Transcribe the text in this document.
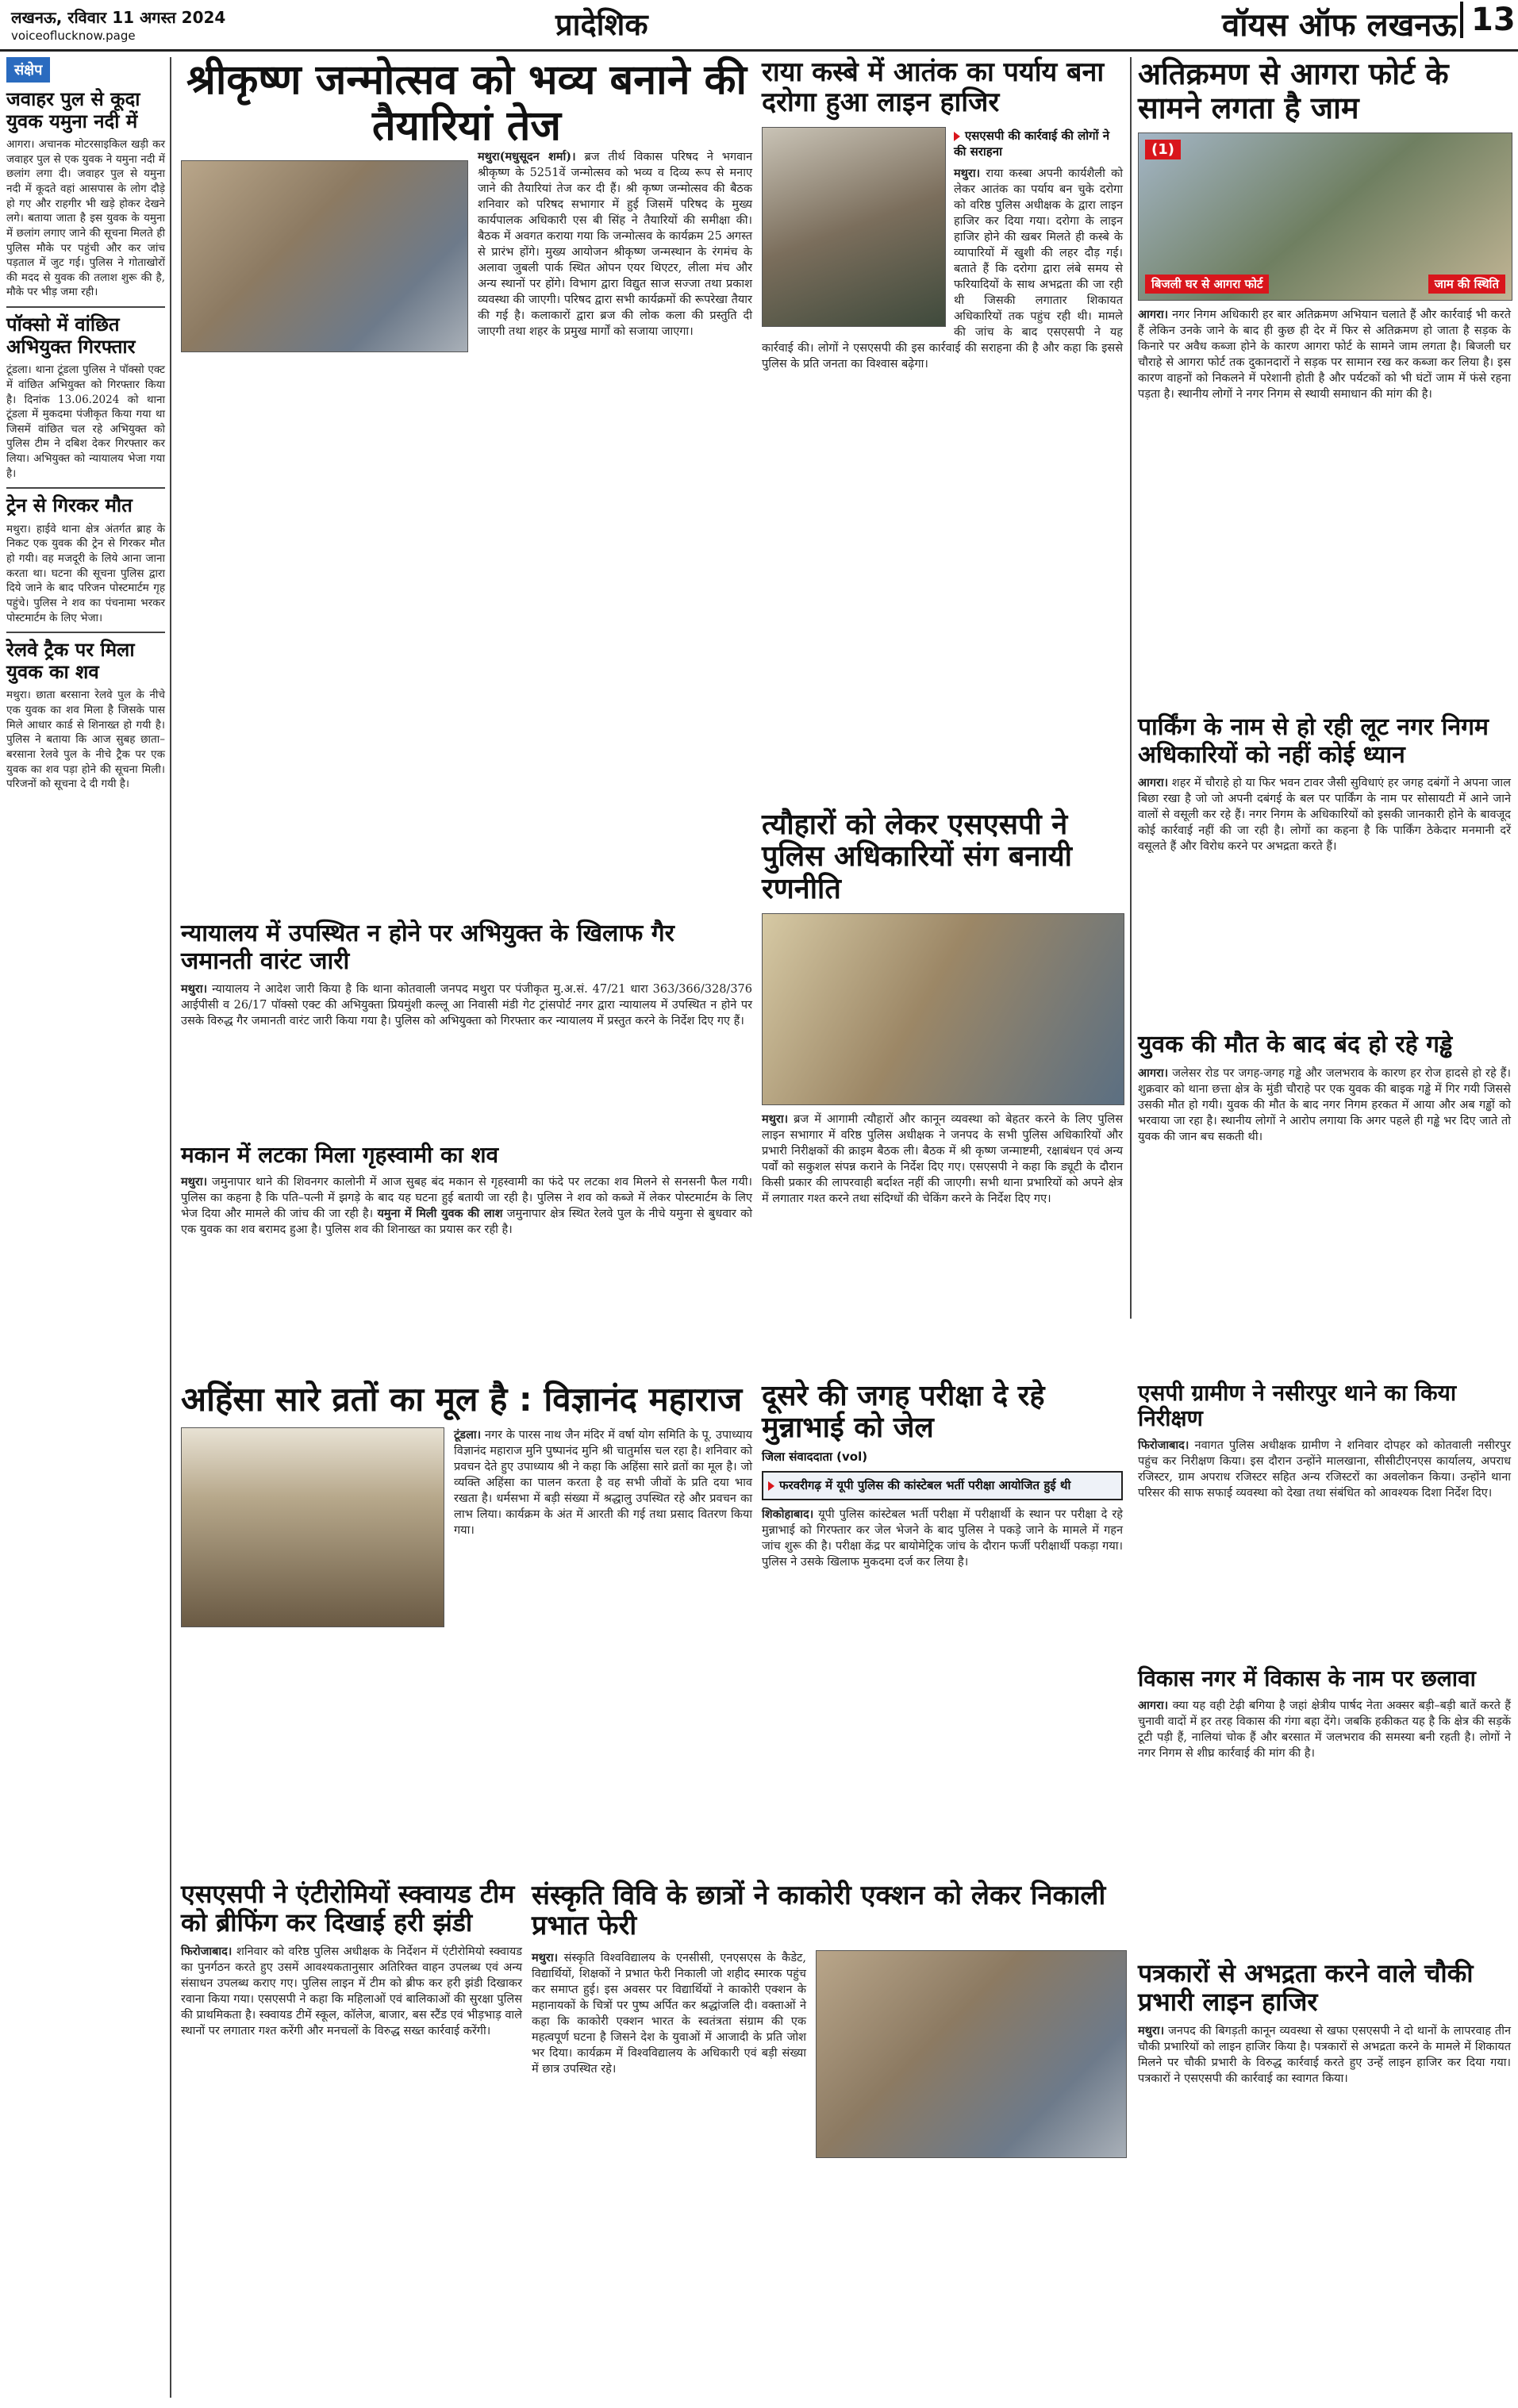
लखनऊ, रविवार 11 अगस्त 2024
voiceoflucknow.page	प्रादेशिक	वॉयस ऑफ लखनऊ 13
संक्षेप
जवाहर पुल से कूदा युवक यमुना नदी में
आगरा। अचानक मोटरसाइकिल खड़ी कर जवाहर पुल से एक युवक ने यमुना नदी में छलांग लगा दी। जवाहर पुल से यमुना नदी में कूदते वहां आसपास के लोग दौड़े हो गए और राहगीर भी खड़े होकर देखने लगे। बताया जाता है इस युवक के यमुना में छलांग लगाए जाने की सूचना मिलते ही पुलिस मौके पर पहुंची और कर जांच पड़ताल में जुट गई। पुलिस ने गोताखोरों की मदद से युवक की तलाश शुरू की है, मौके पर भीड़ जमा रही।
पॉक्सो में वांछित अभियुक्त गिरफ्तार
टूंडला। थाना टूंडला पुलिस ने पॉक्सो एक्ट में वांछित अभियुक्त को गिरफ्तार किया है। दिनांक 13.06.2024 को थाना टूंडला में मुकदमा पंजीकृत किया गया था जिसमें वांछित चल रहे अभियुक्त को पुलिस टीम ने दबिश देकर गिरफ्तार कर लिया। अभियुक्त को न्यायालय भेजा गया है।
ट्रेन से गिरकर मौत
मथुरा। हाईवे थाना क्षेत्र अंतर्गत ब्राह के निकट एक युवक की ट्रेन से गिरकर मौत हो गयी। वह मजदूरी के लिये आना जाना करता था। घटना की सूचना पुलिस द्वारा दिये जाने के बाद परिजन पोस्टमार्टम गृह पहुंचे। पुलिस ने शव का पंचनामा भरकर पोस्टमार्टम के लिए भेजा।
रेलवे ट्रैक पर मिला युवक का शव
मथुरा। छाता बरसाना रेलवे पुल के नीचे एक युवक का शव मिला है जिसके पास मिले आधार कार्ड से शिनाख्त हो गयी है। पुलिस ने बताया कि आज सुबह छाता–बरसाना रेलवे पुल के नीचे ट्रैक पर एक युवक का शव पड़ा होने की सूचना मिली। परिजनों को सूचना दे दी गयी है।
श्रीकृष्ण जन्मोत्सव को भव्य बनाने की तैयारियां तेज
मथुरा(मधुसूदन शर्मा)। ब्रज तीर्थ विकास परिषद ने भगवान श्रीकृष्ण के 5251वें जन्मोत्सव को भव्य व दिव्य रूप से मनाए जाने की तैयारियां तेज कर दी हैं। श्री कृष्ण जन्मोत्सव की बैठक शनिवार को परिषद सभागार में हुई जिसमें परिषद के मुख्य कार्यपालक अधिकारी एस बी सिंह ने तैयारियों की समीक्षा की। बैठक में अवगत कराया गया कि जन्मोत्सव के कार्यक्रम 25 अगस्त से प्रारंभ होंगे। मुख्य आयोजन श्रीकृष्ण जन्मस्थान के रंगमंच के अलावा जुबली पार्क स्थित ओपन एयर थिएटर, लीला मंच और अन्य स्थानों पर होंगे। विभाग द्वारा विद्युत साज सज्जा तथा प्रकाश व्यवस्था की जाएगी। परिषद द्वारा सभी कार्यक्रमों की रूपरेखा तैयार की गई है। कलाकारों द्वारा ब्रज की लोक कला की प्रस्तुति दी जाएगी तथा शहर के प्रमुख मार्गों को सजाया जाएगा।
राया कस्बे में आतंक का पर्याय बना दरोगा हुआ लाइन हाजिर
एसएसपी की कार्रवाई की लोगों ने की सराहना
मथुरा। राया कस्बा अपनी कार्यशैली को लेकर आतंक का पर्याय बन चुके दरोगा को वरिष्ठ पुलिस अधीक्षक के द्वारा लाइन हाजिर कर दिया गया। दरोगा के लाइन हाजिर होने की खबर मिलते ही कस्बे के व्यापारियों में खुशी की लहर दौड़ गई। बताते हैं कि दरोगा द्वारा लंबे समय से फरियादियों के साथ अभद्रता की जा रही थी जिसकी लगातार शिकायत अधिकारियों तक पहुंच रही थी। मामले की जांच के बाद एसएसपी ने यह कार्रवाई की। लोगों ने एसएसपी की इस कार्रवाई की सराहना की है और कहा कि इससे पुलिस के प्रति जनता का विश्वास बढ़ेगा।
अतिक्रमण से आगरा फोर्ट के सामने लगता है जाम
(1)
बिजली घर से आगरा फोर्ट	जाम की स्थिति
आगरा। नगर निगम अधिकारी हर बार अतिक्रमण अभियान चलाते हैं और कार्रवाई भी करते हैं लेकिन उनके जाने के बाद ही कुछ ही देर में फिर से अतिक्रमण हो जाता है सड़क के किनारे पर अवैध कब्जा होने के कारण आगरा फोर्ट के सामने जाम लगता है। बिजली घर चौराहे से आगरा फोर्ट तक दुकानदारों ने सड़क पर सामान रख कर कब्जा कर लिया है। इस कारण वाहनों को निकलने में परेशानी होती है और पर्यटकों को भी घंटों जाम में फंसे रहना पड़ता है। स्थानीय लोगों ने नगर निगम से स्थायी समाधान की मांग की है।
पार्किंग के नाम से हो रही लूट नगर निगम अधिकारियों को नहीं कोई ध्यान
आगरा। शहर में चौराहे हो या फिर भवन टावर जैसी सुविधाएं हर जगह दबंगों ने अपना जाल बिछा रखा है जो जो अपनी दबंगई के बल पर पार्किंग के नाम पर सोसायटी में आने जाने वालों से वसूली कर रहे हैं। नगर निगम के अधिकारियों को इसकी जानकारी होने के बावजूद कोई कार्रवाई नहीं की जा रही है। लोगों का कहना है कि पार्किंग ठेकेदार मनमानी दरें वसूलते हैं और विरोध करने पर अभद्रता करते हैं।
युवक की मौत के बाद बंद हो रहे गड्ढे
आगरा। जलेसर रोड पर जगह-जगह गड्ढे और जलभराव के कारण हर रोज हादसे हो रहे हैं। शुक्रवार को थाना छत्ता क्षेत्र के मुंडी चौराहे पर एक युवक की बाइक गड्ढे में गिर गयी जिससे उसकी मौत हो गयी। युवक की मौत के बाद नगर निगम हरकत में आया और अब गड्ढों को भरवाया जा रहा है। स्थानीय लोगों ने आरोप लगाया कि अगर पहले ही गड्ढे भर दिए जाते तो युवक की जान बच सकती थी।
न्यायालय में उपस्थित न होने पर अभियुक्त के खिलाफ गैर जमानती वारंट जारी
मथुरा। न्यायालय ने आदेश जारी किया है कि थाना कोतवाली जनपद मथुरा पर पंजीकृत मु.अ.सं. 47/21 धारा 363/366/328/376 आईपीसी व 26/17 पॉक्सो एक्ट की अभियुक्ता प्रियमुंशी कल्लू आ निवासी मंडी गेट ट्रांसपोर्ट नगर द्वारा न्यायालय में उपस्थित न होने पर उसके विरुद्ध गैर जमानती वारंट जारी किया गया है। पुलिस को अभियुक्ता को गिरफ्तार कर न्यायालय में प्रस्तुत करने के निर्देश दिए गए हैं।
मकान में लटका मिला गृहस्वामी का शव
मथुरा। जमुनापार थाने की शिवनगर कालोनी में आज सुबह बंद मकान से गृहस्वामी का फंदे पर लटका शव मिलने से सनसनी फैल गयी। पुलिस का कहना है कि पति–पत्नी में झगड़े के बाद यह घटना हुई बतायी जा रही है। पुलिस ने शव को कब्जे में लेकर पोस्टमार्टम के लिए भेज दिया और मामले की जांच की जा रही है। यमुना में मिली युवक की लाश जमुनापार क्षेत्र स्थित रेलवे पुल के नीचे यमुना से बुधवार को एक युवक का शव बरामद हुआ है। पुलिस शव की शिनाख्त का प्रयास कर रही है।
त्यौहारों को लेकर एसएसपी ने पुलिस अधिकारियों संग बनायी रणनीति
मथुरा। ब्रज में आगामी त्यौहारों और कानून व्यवस्था को बेहतर करने के लिए पुलिस लाइन सभागार में वरिष्ठ पुलिस अधीक्षक ने जनपद के सभी पुलिस अधिकारियों और प्रभारी निरीक्षकों की क्राइम बैठक ली। बैठक में श्री कृष्ण जन्माष्टमी, रक्षाबंधन एवं अन्य पर्वों को सकुशल संपन्न कराने के निर्देश दिए गए। एसएसपी ने कहा कि ड्यूटी के दौरान किसी प्रकार की लापरवाही बर्दाश्त नहीं की जाएगी। सभी थाना प्रभारियों को अपने क्षेत्र में लगातार गश्त करने तथा संदिग्धों की चेकिंग करने के निर्देश दिए गए।
अहिंसा सारे व्रतों का मूल है : विज्ञानंद महाराज
टूंडला। नगर के पारस नाथ जैन मंदिर में वर्षा योग समिति के पू. उपाध्याय विज्ञानंद महाराज मुनि पुष्पानंद मुनि श्री चातुर्मास चल रहा है। शनिवार को प्रवचन देते हुए उपाध्याय श्री ने कहा कि अहिंसा सारे व्रतों का मूल है। जो व्यक्ति अहिंसा का पालन करता है वह सभी जीवों के प्रति दया भाव रखता है। धर्मसभा में बड़ी संख्या में श्रद्धालु उपस्थित रहे और प्रवचन का लाभ लिया। कार्यक्रम के अंत में आरती की गई तथा प्रसाद वितरण किया गया।
दूसरे की जगह परीक्षा दे रहे मुन्नाभाई को जेल
जिला संवाददाता (vol)
फरवरीगढ़ में यूपी पुलिस की कांस्टेबल भर्ती परीक्षा आयोजित हुई थी
शिकोहाबाद। यूपी पुलिस कांस्टेबल भर्ती परीक्षा में परीक्षार्थी के स्थान पर परीक्षा दे रहे मुन्नाभाई को गिरफ्तार कर जेल भेजने के बाद पुलिस ने पकड़े जाने के मामले में गहन जांच शुरू की है। परीक्षा केंद्र पर बायोमेट्रिक जांच के दौरान फर्जी परीक्षार्थी पकड़ा गया। पुलिस ने उसके खिलाफ मुकदमा दर्ज कर लिया है।
एसपी ग्रामीण ने नसीरपुर थाने का किया निरीक्षण
फिरोजाबाद। नवागत पुलिस अधीक्षक ग्रामीण ने शनिवार दोपहर को कोतवाली नसीरपुर पहुंच कर निरीक्षण किया। इस दौरान उन्होंने मालखाना, सीसीटीएनएस कार्यालय, अपराध रजिस्टर, ग्राम अपराध रजिस्टर सहित अन्य रजिस्टरों का अवलोकन किया। उन्होंने थाना परिसर की साफ सफाई व्यवस्था को देखा तथा संबंधित को आवश्यक दिशा निर्देश दिए।
विकास नगर में विकास के नाम पर छलावा
आगरा। क्या यह वही टेढ़ी बगिया है जहां क्षेत्रीय पार्षद नेता अक्सर बड़ी–बड़ी बातें करते हैं चुनावी वादों में हर तरह विकास की गंगा बहा देंगे। जबकि हकीकत यह है कि क्षेत्र की सड़कें टूटी पड़ी हैं, नालियां चोक हैं और बरसात में जलभराव की समस्या बनी रहती है। लोगों ने नगर निगम से शीघ्र कार्रवाई की मांग की है।
पत्रकारों से अभद्रता करने वाले चौकी प्रभारी लाइन हाजिर
मथुरा। जनपद की बिगड़ती कानून व्यवस्था से खफा एसएसपी ने दो थानों के लापरवाह तीन चौकी प्रभारियों को लाइन हाजिर किया है। पत्रकारों से अभद्रता करने के मामले में शिकायत मिलने पर चौकी प्रभारी के विरुद्ध कार्रवाई करते हुए उन्हें लाइन हाजिर कर दिया गया। पत्रकारों ने एसएसपी की कार्रवाई का स्वागत किया।
एसएसपी ने एंटीरोमियों स्क्वायड टीम को ब्रीफिंग कर दिखाई हरी झंडी
फिरोजाबाद। शनिवार को वरिष्ठ पुलिस अधीक्षक के निर्देशन में एंटीरोमियो स्क्वायड का पुनर्गठन करते हुए उसमें आवश्यकतानुसार अतिरिक्त वाहन उपलब्ध एवं अन्य संसाधन उपलब्ध कराए गए। पुलिस लाइन में टीम को ब्रीफ कर हरी झंडी दिखाकर रवाना किया गया। एसएसपी ने कहा कि महिलाओं एवं बालिकाओं की सुरक्षा पुलिस की प्राथमिकता है। स्क्वायड टीमें स्कूल, कॉलेज, बाजार, बस स्टैंड एवं भीड़भाड़ वाले स्थानों पर लगातार गश्त करेंगी और मनचलों के विरुद्ध सख्त कार्रवाई करेंगी।
संस्कृति विवि के छात्रों ने काकोरी एक्शन को लेकर निकाली प्रभात फेरी
मथुरा। संस्कृति विश्वविद्यालय के एनसीसी, एनएसएस के कैडेट, विद्यार्थियों, शिक्षकों ने प्रभात फेरी निकाली जो शहीद स्मारक पहुंच कर समाप्त हुई। इस अवसर पर विद्यार्थियों ने काकोरी एक्शन के महानायकों के चित्रों पर पुष्प अर्पित कर श्रद्धांजलि दी। वक्ताओं ने कहा कि काकोरी एक्शन भारत के स्वतंत्रता संग्राम की एक महत्वपूर्ण घटना है जिसने देश के युवाओं में आजादी के प्रति जोश भर दिया। कार्यक्रम में विश्वविद्यालय के अधिकारी एवं बड़ी संख्या में छात्र उपस्थित रहे।
